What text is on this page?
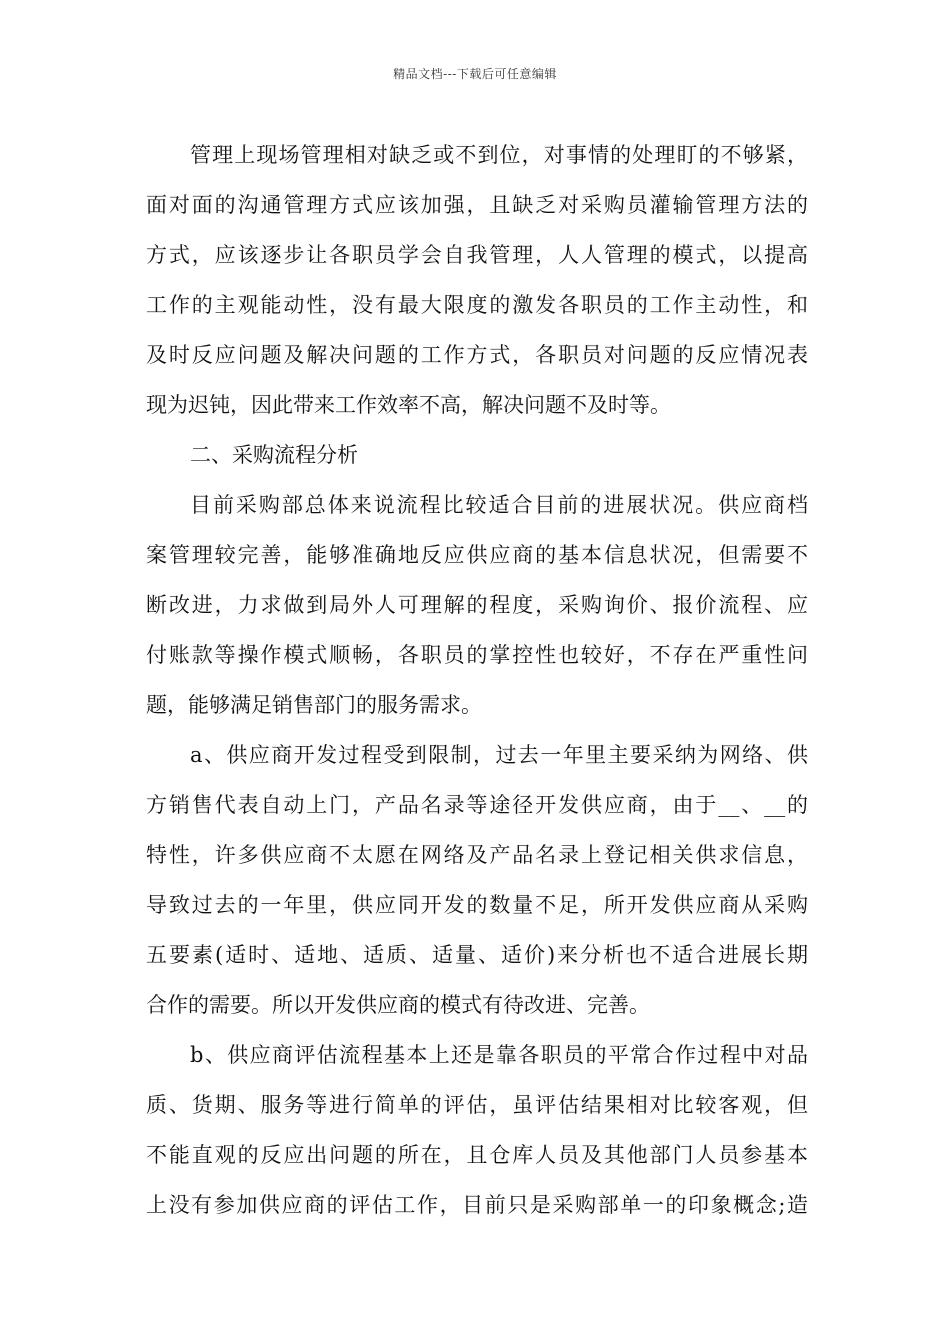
精品文档---下载后可任意编辑
管理上现场管理相对缺乏或不到位，对事情的处理盯的不够紧，
面对面的沟通管理方式应该加强，且缺乏对采购员灌输管理方法的
方式，应该逐步让各职员学会自我管理，人人管理的模式，以提高
工作的主观能动性，没有最大限度的激发各职员的工作主动性，和
及时反应问题及解决问题的工作方式，各职员对问题的反应情况表
现为迟钝，因此带来工作效率不高，解决问题不及时等。
二、采购流程分析
目前采购部总体来说流程比较适合目前的进展状况。供应商档
案管理较完善，能够准确地反应供应商的基本信息状况，但需要不
断改进，力求做到局外人可理解的程度，采购询价、报价流程、应
付账款等操作模式顺畅，各职员的掌控性也较好，不存在严重性问
题，能够满足销售部门的服务需求。
a、供应商开发过程受到限制，过去一年里主要采纳为网络、供
方销售代表自动上门，产品名录等途径开发供应商，由于__、__的
特性，许多供应商不太愿在网络及产品名录上登记相关供求信息，
导致过去的一年里，供应同开发的数量不足，所开发供应商从采购
五要素(适时、适地、适质、适量、适价)来分析也不适合进展长期
合作的需要。所以开发供应商的模式有待改进、完善。
b、供应商评估流程基本上还是靠各职员的平常合作过程中对品
质、货期、服务等进行简单的评估，虽评估结果相对比较客观，但
不能直观的反应出问题的所在，且仓库人员及其他部门人员参基本
上没有参加供应商的评估工作，目前只是采购部单一的印象概念;造
